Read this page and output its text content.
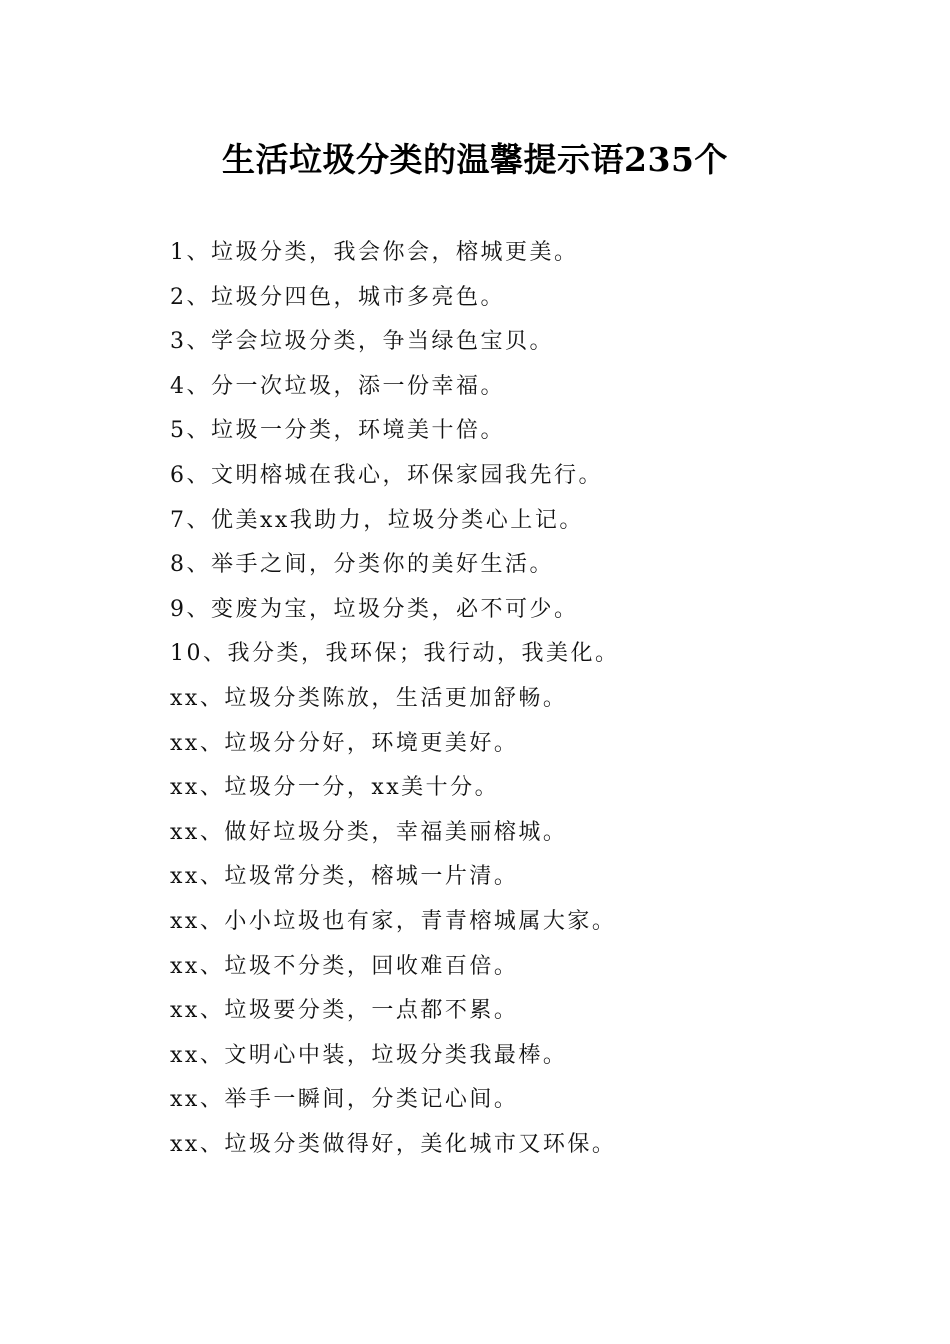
生活垃圾分类的温馨提示语235个
1、垃圾分类，我会你会，榕城更美。
2、垃圾分四色，城市多亮色。
3、学会垃圾分类，争当绿色宝贝。
4、分一次垃圾，添一份幸福。
5、垃圾一分类，环境美十倍。
6、文明榕城在我心，环保家园我先行。
7、优美xx我助力，垃圾分类心上记。
8、举手之间，分类你的美好生活。
9、变废为宝，垃圾分类，必不可少。
10、我分类，我环保；我行动，我美化。
xx、垃圾分类陈放，生活更加舒畅。
xx、垃圾分分好，环境更美好。
xx、垃圾分一分，xx美十分。
xx、做好垃圾分类，幸福美丽榕城。
xx、垃圾常分类，榕城一片清。
xx、小小垃圾也有家，青青榕城属大家。
xx、垃圾不分类，回收难百倍。
xx、垃圾要分类，一点都不累。
xx、文明心中装，垃圾分类我最棒。
xx、举手一瞬间，分类记心间。
xx、垃圾分类做得好，美化城市又环保。
